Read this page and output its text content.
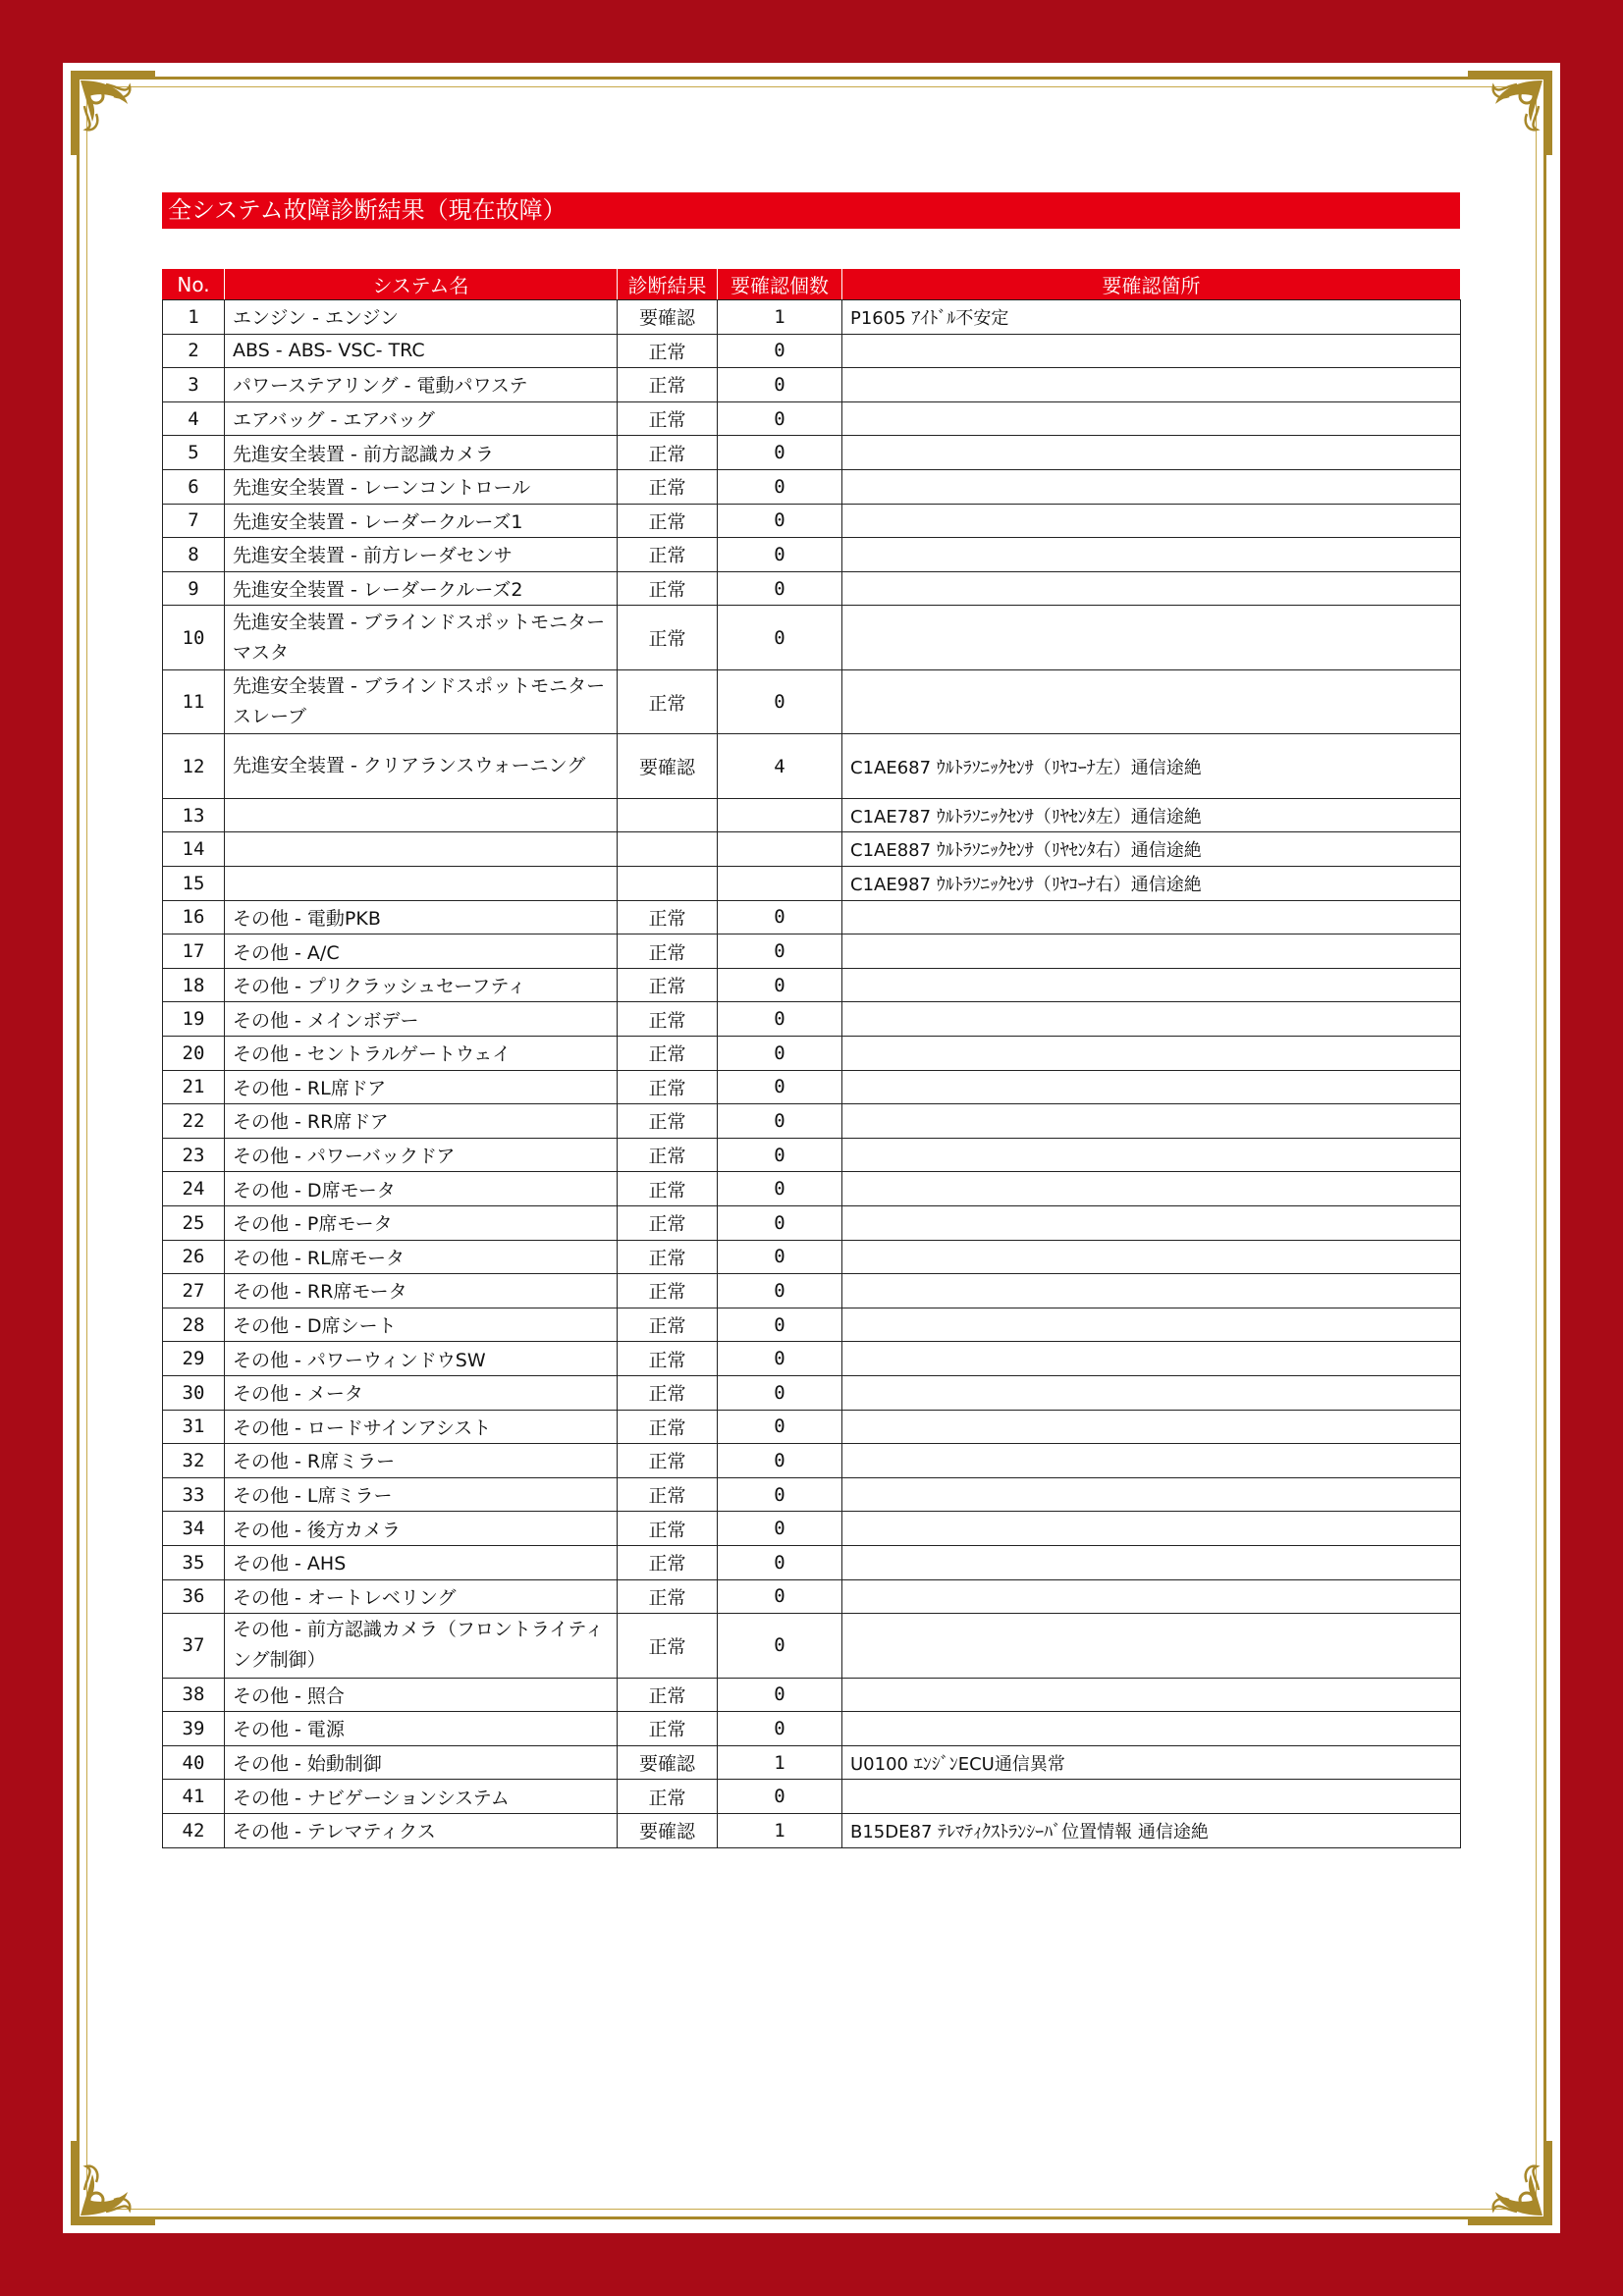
全システム故障診断結果（現在故障）
No.	システム名	診断結果	要確認個数	要確認箇所
1	エンジン - エンジン	要確認	1	P1605 ｱｲﾄﾞﾙ不安定
2	ABS - ABS- VSC- TRC	正常	0	
3	パワーステアリング - 電動パワステ	正常	0	
4	エアバッグ - エアバッグ	正常	0	
5	先進安全装置 - 前方認識カメラ	正常	0	
6	先進安全装置 - レーンコントロール	正常	0	
7	先進安全装置 - レーダークルーズ1	正常	0	
8	先進安全装置 - 前方レーダセンサ	正常	0	
9	先進安全装置 - レーダークルーズ2	正常	0	
10	先進安全装置 - ブラインドスポットモニター マスタ	正常	0	
11	先進安全装置 - ブラインドスポットモニター スレーブ	正常	0	
12	先進安全装置 - クリアランスウォーニング	要確認	4	C1AE687 ｳﾙﾄﾗｿﾆｯｸｾﾝｻ（ﾘﾔｺｰﾅ左）通信途絶
13				C1AE787 ｳﾙﾄﾗｿﾆｯｸｾﾝｻ（ﾘﾔｾﾝﾀ左）通信途絶
14				C1AE887 ｳﾙﾄﾗｿﾆｯｸｾﾝｻ（ﾘﾔｾﾝﾀ右）通信途絶
15				C1AE987 ｳﾙﾄﾗｿﾆｯｸｾﾝｻ（ﾘﾔｺｰﾅ右）通信途絶
16	その他 - 電動PKB	正常	0	
17	その他 - A/C	正常	0	
18	その他 - プリクラッシュセーフティ	正常	0	
19	その他 - メインボデー	正常	0	
20	その他 - セントラルゲートウェイ	正常	0	
21	その他 - RL席ドア	正常	0	
22	その他 - RR席ドア	正常	0	
23	その他 - パワーバックドア	正常	0	
24	その他 - D席モータ	正常	0	
25	その他 - P席モータ	正常	0	
26	その他 - RL席モータ	正常	0	
27	その他 - RR席モータ	正常	0	
28	その他 - D席シート	正常	0	
29	その他 - パワーウィンドウSW	正常	0	
30	その他 - メータ	正常	0	
31	その他 - ロードサインアシスト	正常	0	
32	その他 - R席ミラー	正常	0	
33	その他 - L席ミラー	正常	0	
34	その他 - 後方カメラ	正常	0	
35	その他 - AHS	正常	0	
36	その他 - オートレベリング	正常	0	
37	その他 - 前方認識カメラ（フロントライティング制御）	正常	0	
38	その他 - 照合	正常	0	
39	その他 - 電源	正常	0	
40	その他 - 始動制御	要確認	1	U0100 ｴﾝｼﾞﾝECU通信異常
41	その他 - ナビゲーションシステム	正常	0	
42	その他 - テレマティクス	要確認	1	B15DE87 ﾃﾚﾏﾃｨｸｽﾄﾗﾝｼｰﾊﾞ位置情報 通信途絶
